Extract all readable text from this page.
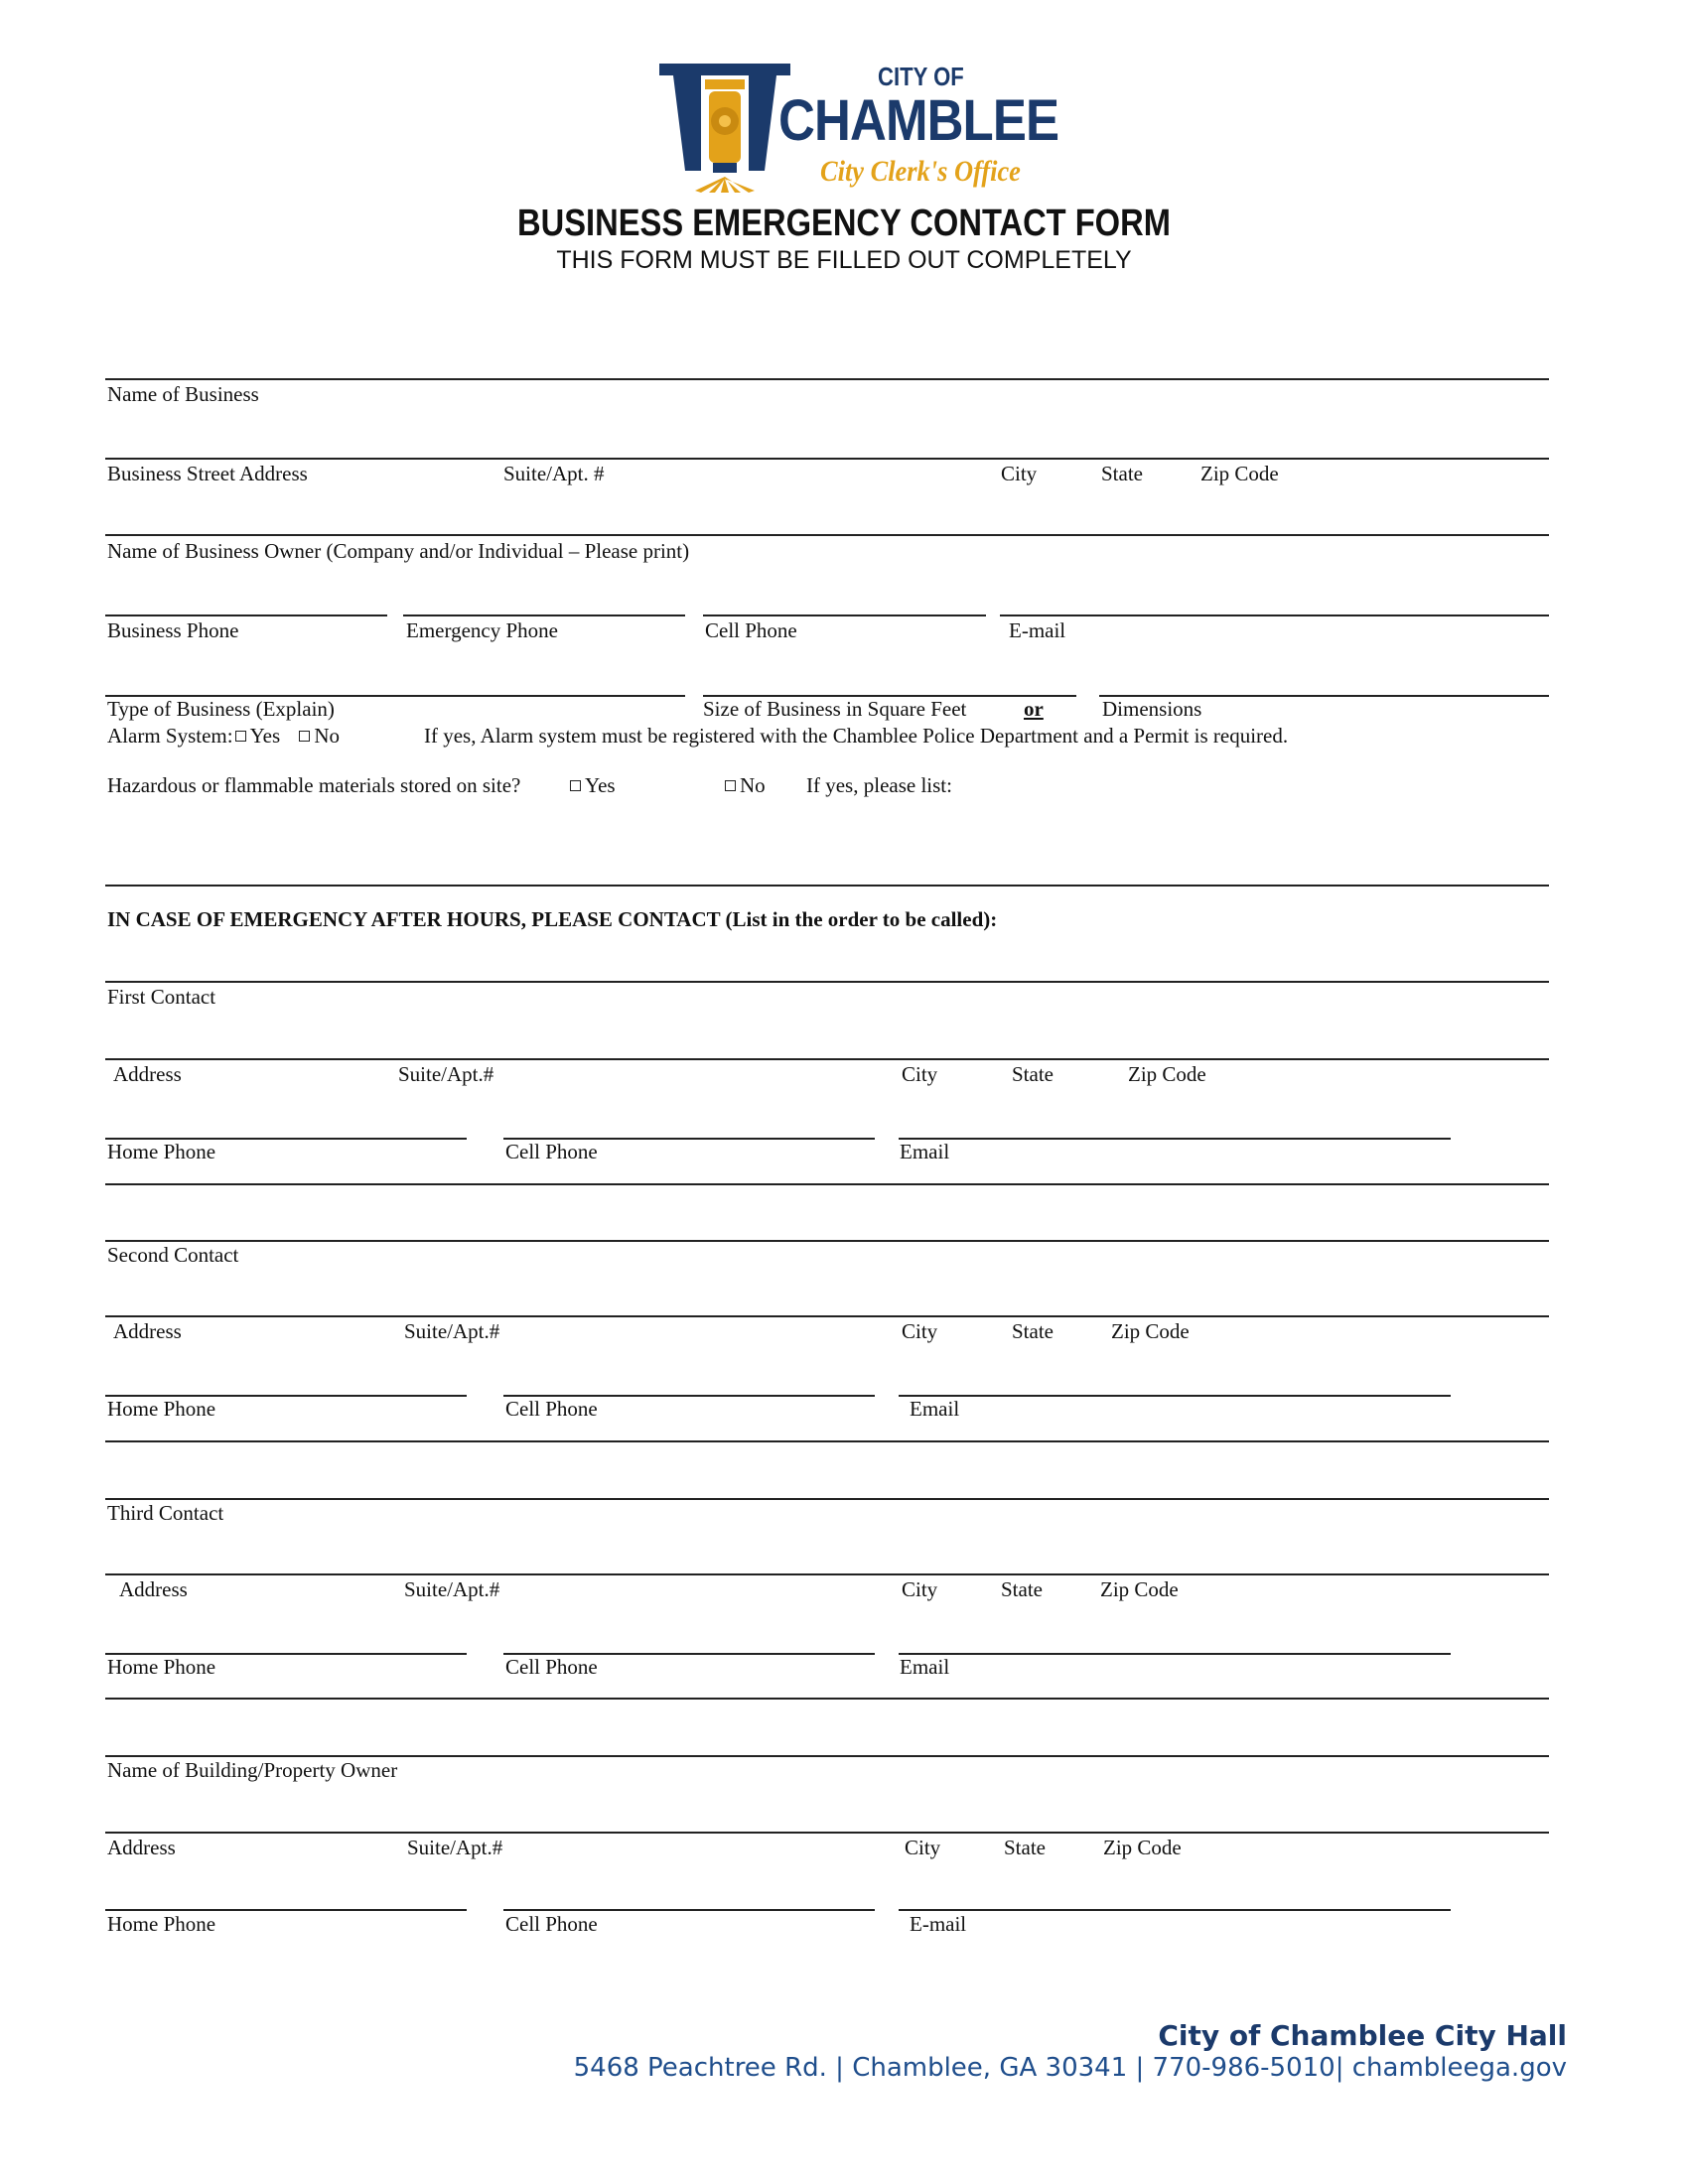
CITY OF
CHAMBLEE
City Clerk's Office
BUSINESS EMERGENCY CONTACT FORM
THIS FORM MUST BE FILLED OUT COMPLETELY
Name of Business
Business Street Address	Suite/Apt. #	City	State	Zip Code
Name of Business Owner (Company and/or Individual – Please print)
Business Phone	Emergency Phone	Cell Phone	E-mail
Type of Business (Explain)	Size of Business in Square Feet	or	Dimensions
Alarm System: Yes No	If yes, Alarm system must be registered with the Chamblee Police Department and a Permit is required.
Hazardous or flammable materials stored on site?	Yes	No If yes, please list:
IN CASE OF EMERGENCY AFTER HOURS, PLEASE CONTACT (List in the order to be called):
First Contact
Address	Suite/Apt.#	City	State	Zip Code
Home Phone	Cell Phone	Email
Second Contact
Address	Suite/Apt.#	City	State	Zip Code
Home Phone	Cell Phone	Email
Third Contact
Address	Suite/Apt.#	City	State	Zip Code
Home Phone	Cell Phone	Email
Name of Building/Property Owner
Address	Suite/Apt.#	City	State	Zip Code
Home Phone	Cell Phone	E-mail
City of Chamblee City Hall
5468 Peachtree Rd. | Chamblee, GA 30341 | 770-986-5010| chambleega.gov
